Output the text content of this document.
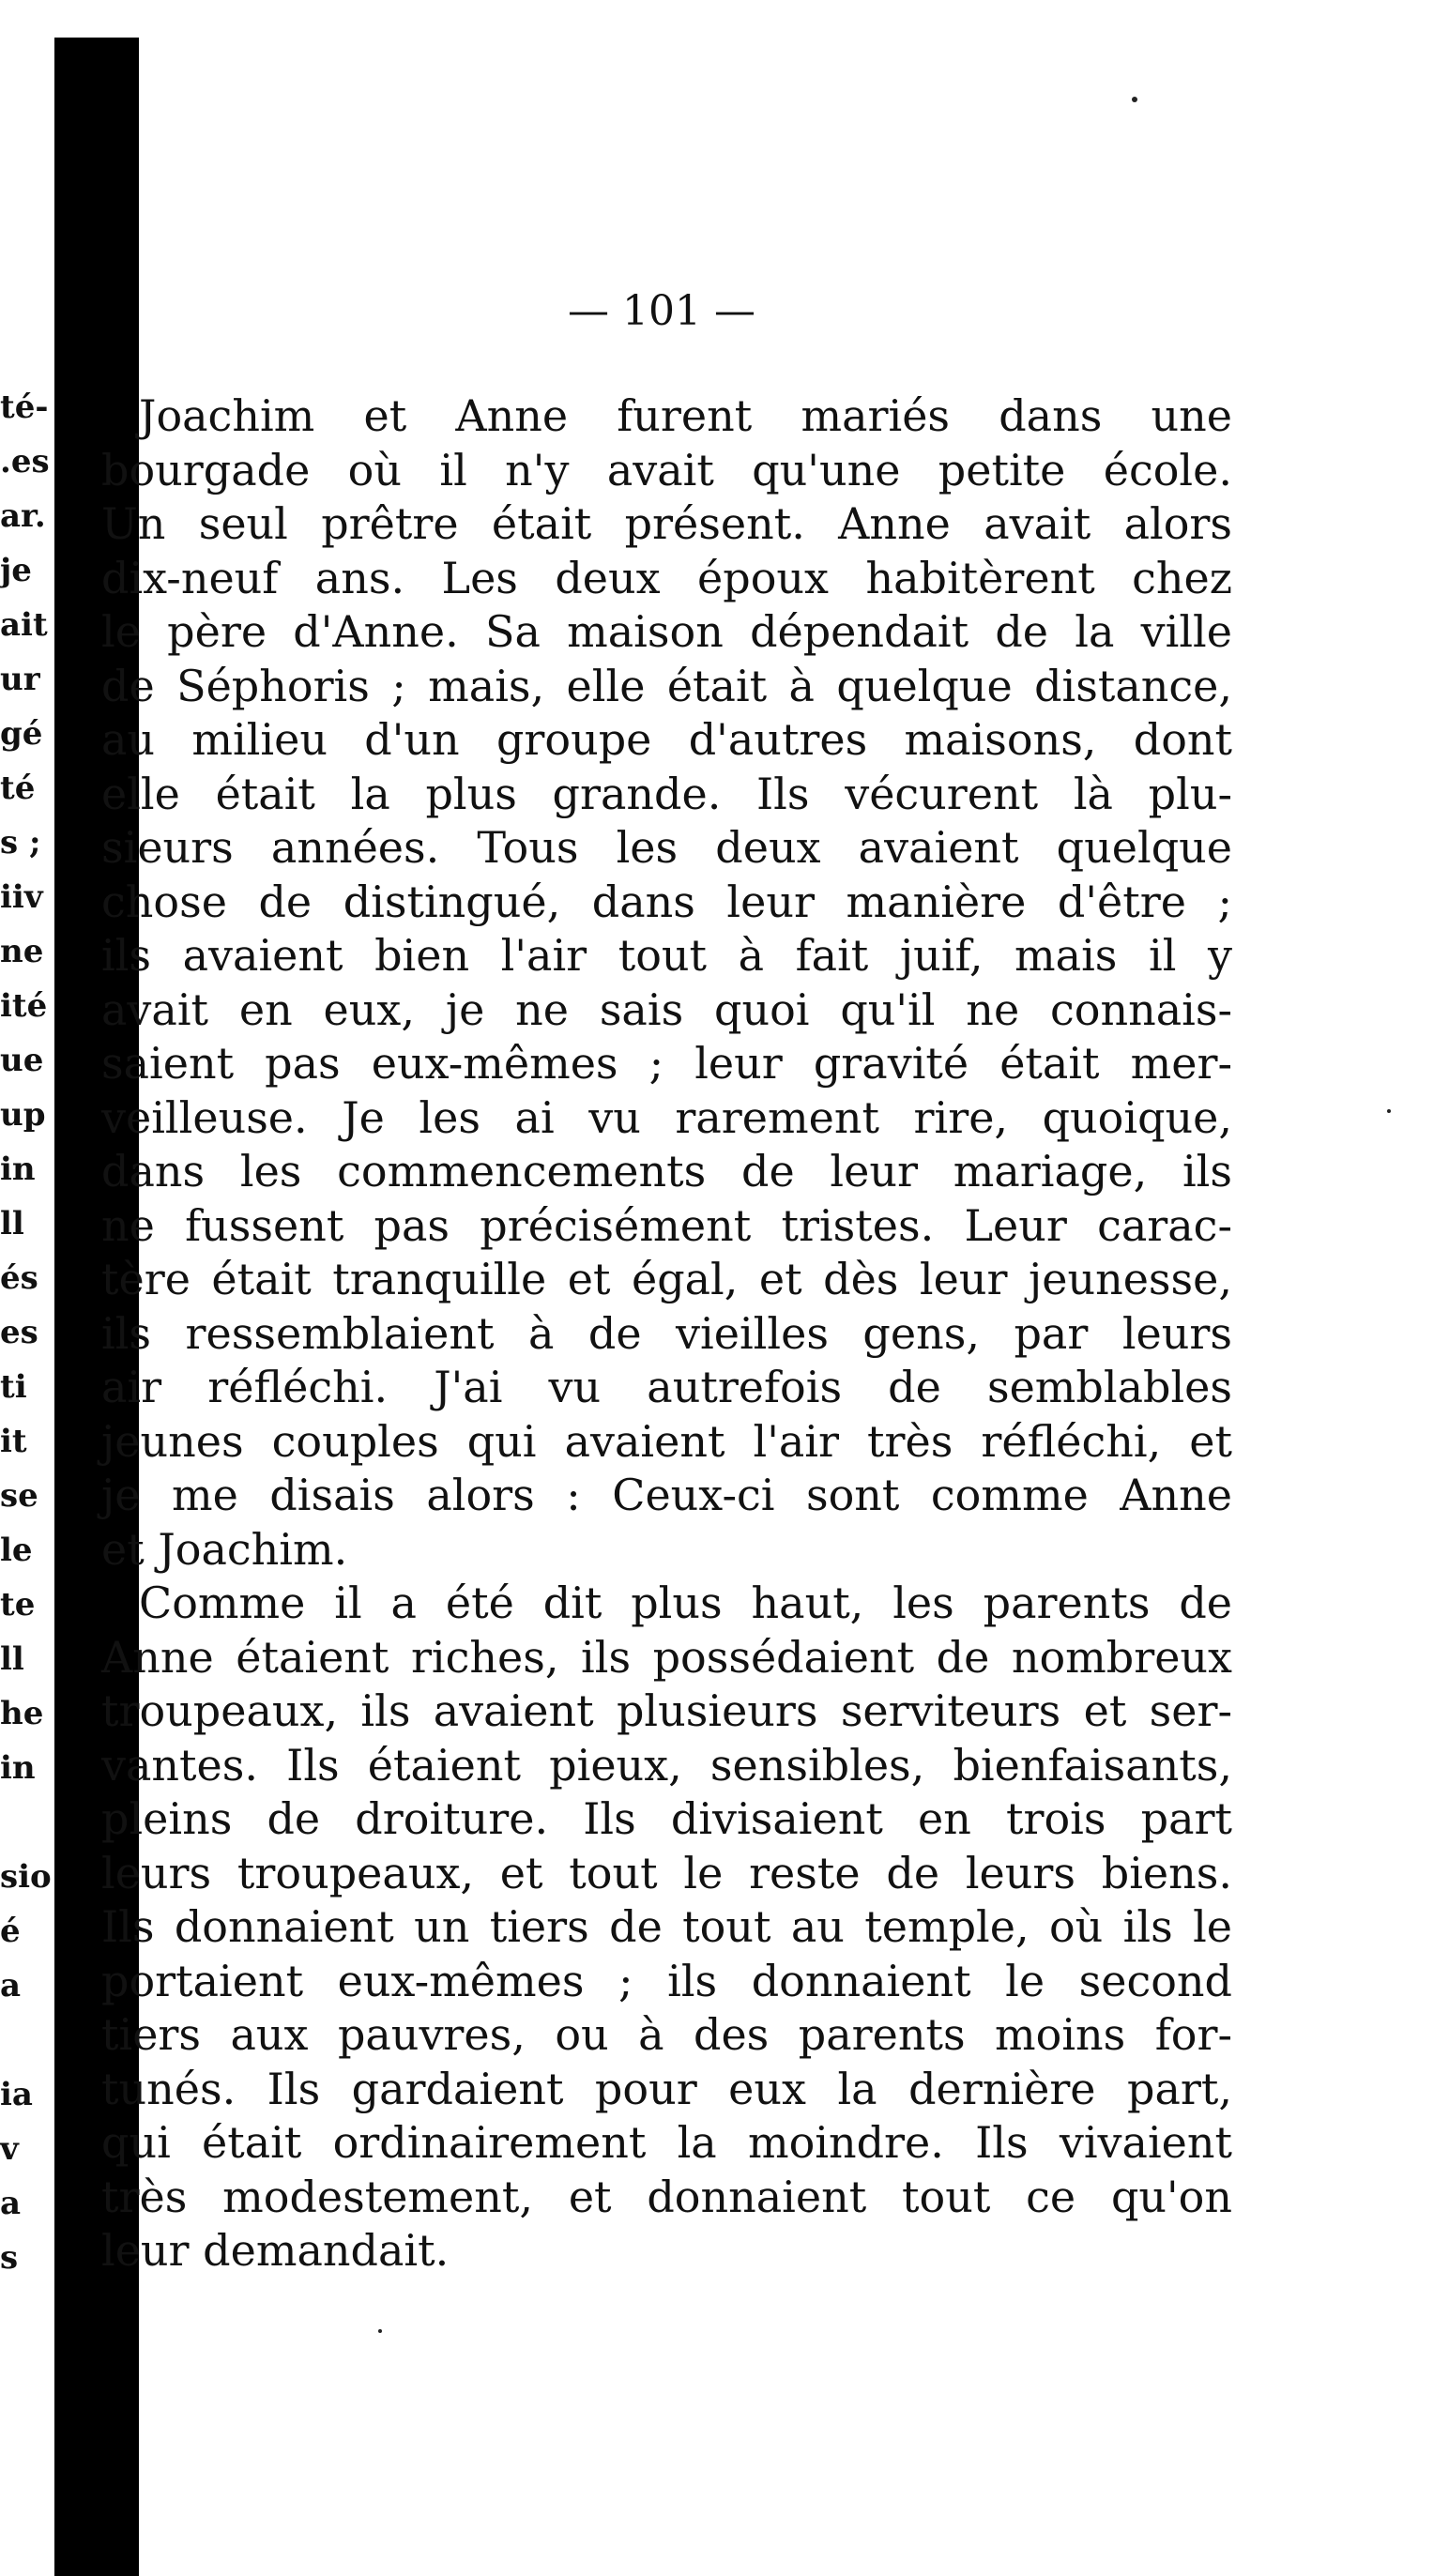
té-
.es
ar.
je
ait
ur
gé
té
s ;
iiv
ne
ité
ue
up
in
ll
és
es
ti
it
se
le
te
ll
he
in
sio
é
a
ia
v
a
s
— 101 —
Joachim et Anne furent mariés dans une
bourgade où il n'y avait qu'une petite école.
Un seul prêtre était présent. Anne avait alors
dix-neuf ans. Les deux époux habitèrent chez
le père d'Anne. Sa maison dépendait de la ville
de Séphoris ; mais, elle était à quelque distance,
au milieu d'un groupe d'autres maisons, dont
elle était la plus grande. Ils vécurent là plu-
sieurs années. Tous les deux avaient quelque
chose de distingué, dans leur manière d'être ;
ils avaient bien l'air tout à fait juif, mais il y
avait en eux, je ne sais quoi qu'il ne connais-
saient pas eux-mêmes ; leur gravité était mer-
veilleuse. Je les ai vu rarement rire, quoique,
dans les commencements de leur mariage, ils
ne fussent pas précisément tristes. Leur carac-
tère était tranquille et égal, et dès leur jeunesse,
ils ressemblaient à de vieilles gens, par leurs
air réfléchi. J'ai vu autrefois de semblables
jeunes couples qui avaient l'air très réfléchi, et
je me disais alors : Ceux-ci sont comme Anne
et Joachim.
Comme il a été dit plus haut, les parents de
Anne étaient riches, ils possédaient de nombreux
troupeaux, ils avaient plusieurs serviteurs et ser-
vantes. Ils étaient pieux, sensibles, bienfaisants,
pleins de droiture. Ils divisaient en trois part
leurs troupeaux, et tout le reste de leurs biens.
Ils donnaient un tiers de tout au temple, où ils le
portaient eux-mêmes ; ils donnaient le second
tiers aux pauvres, ou à des parents moins for-
tunés. Ils gardaient pour eux la dernière part,
qui était ordinairement la moindre. Ils vivaient
très modestement, et donnaient tout ce qu'on
leur demandait.
